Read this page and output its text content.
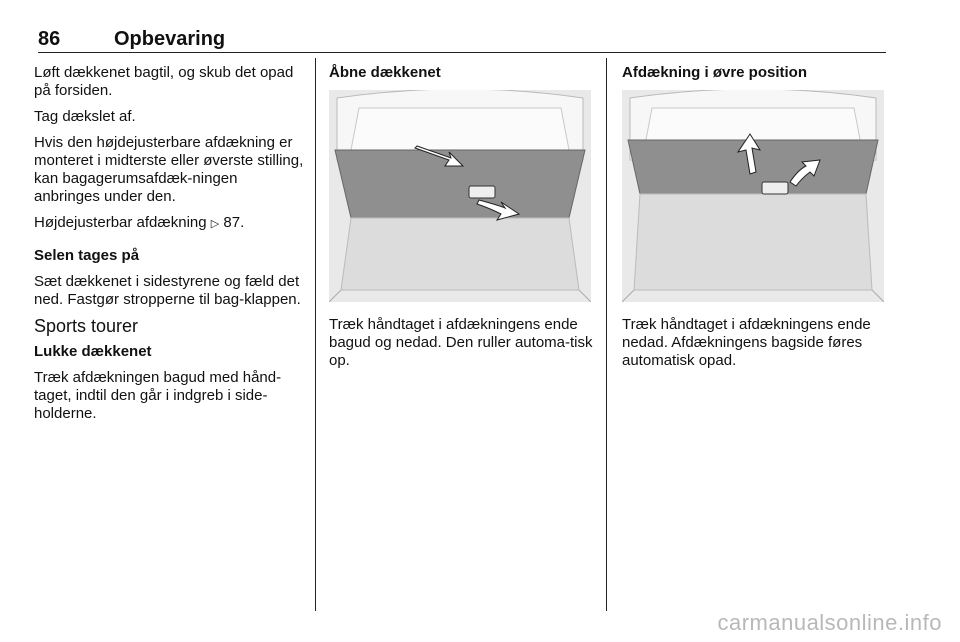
86	Opbevaring

Løft dækkenet bagtil, og skub det opad på forsiden.

Tag dækslet af.

Hvis den højdejusterbare afdækning er monteret i midterste eller øverste stilling, kan bagagerumsafdæk-ningen anbringes under den.

Højdejusterbar afdækning ▷ 87.

Selen tages på

Sæt dækkenet i sidestyrene og fæld det ned. Fastgør stropperne til bag-klappen.

Sports tourer

Lukke dækkenet

Træk afdækningen bagud med hånd-taget, indtil den går i indgreb i side-holderne.

Åbne dækkenet

Træk håndtaget i afdækningens ende bagud og nedad. Den ruller automa-tisk op.

Afdækning i øvre position

Træk håndtaget i afdækningens ende nedad. Afdækningens bagside føres automatisk opad.

carmanualsonline.info
